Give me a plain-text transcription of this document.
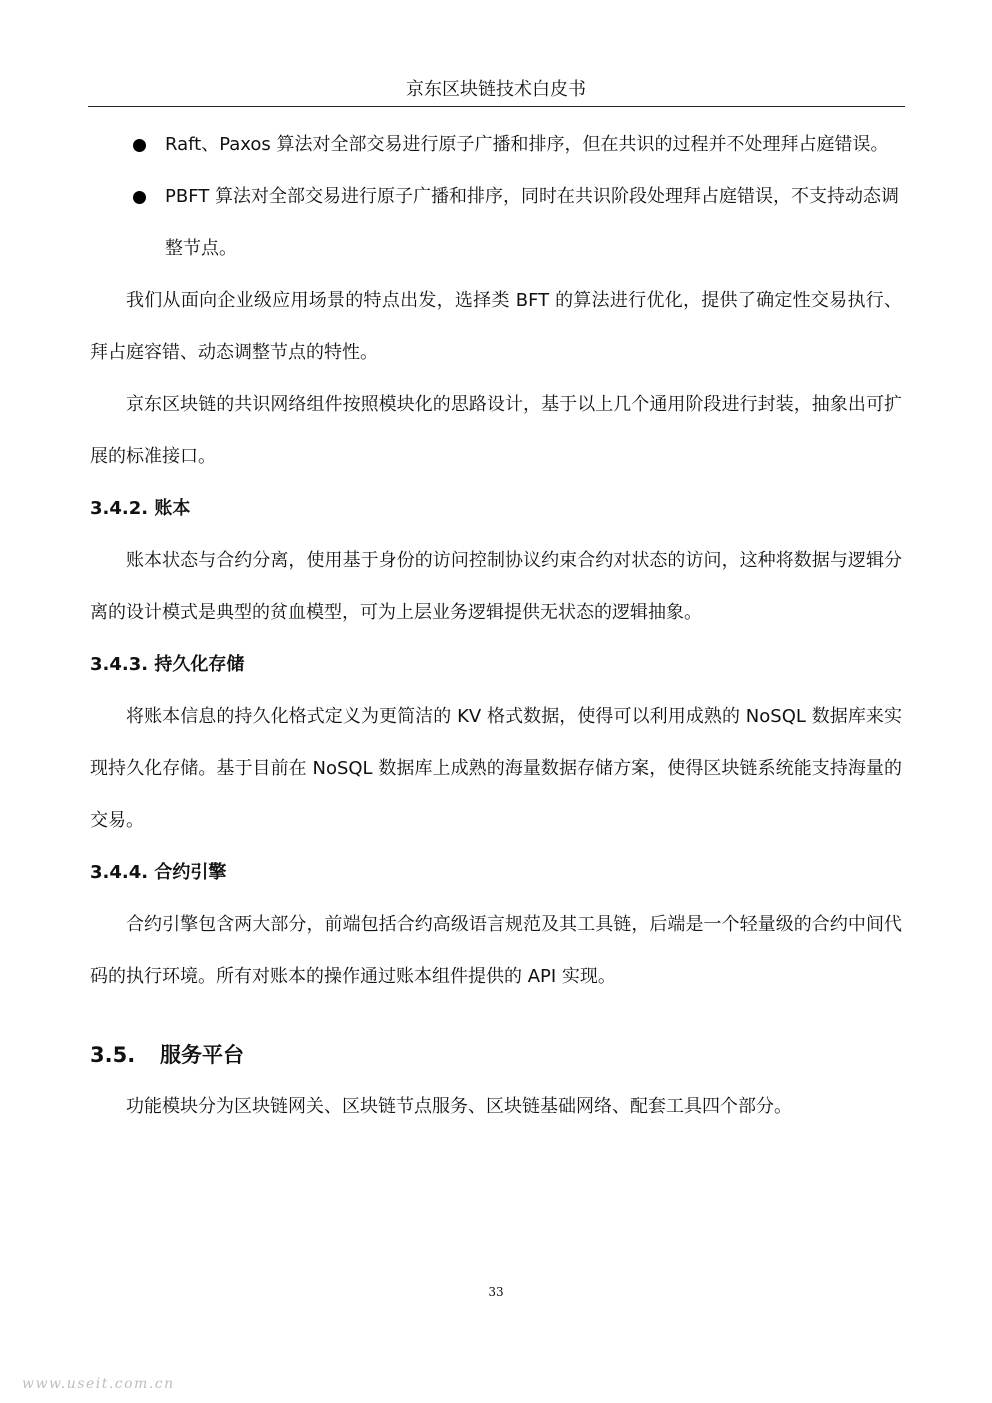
京东区块链技术白皮书
Raft、Paxos 算法对全部交易进行原子广播和排序，但在共识的过程并不处理拜占庭错误。
PBFT 算法对全部交易进行原子广播和排序，同时在共识阶段处理拜占庭错误，不支持动态调整节点。

我们从面向企业级应用场景的特点出发，选择类 BFT 的算法进行优化，提供了确定性交易执行、拜占庭容错、动态调整节点的特性。

京东区块链的共识网络组件按照模块化的思路设计，基于以上几个通用阶段进行封装，抽象出可扩展的标准接口。

3.4.2. 账本

账本状态与合约分离，使用基于身份的访问控制协议约束合约对状态的访问，这种将数据与逻辑分离的设计模式是典型的贫血模型，可为上层业务逻辑提供无状态的逻辑抽象。

3.4.3. 持久化存储

将账本信息的持久化格式定义为更简洁的 KV 格式数据，使得可以利用成熟的 NoSQL 数据库来实现持久化存储。基于目前在 NoSQL 数据库上成熟的海量数据存储方案，使得区块链系统能支持海量的交易。

3.4.4. 合约引擎

合约引擎包含两大部分，前端包括合约高级语言规范及其工具链，后端是一个轻量级的合约中间代码的执行环境。所有对账本的操作通过账本组件提供的 API 实现。

3.5.	服务平台

功能模块分为区块链网关、区块链节点服务、区块链基础网络、配套工具四个部分。

33
www.useit.com.cn
